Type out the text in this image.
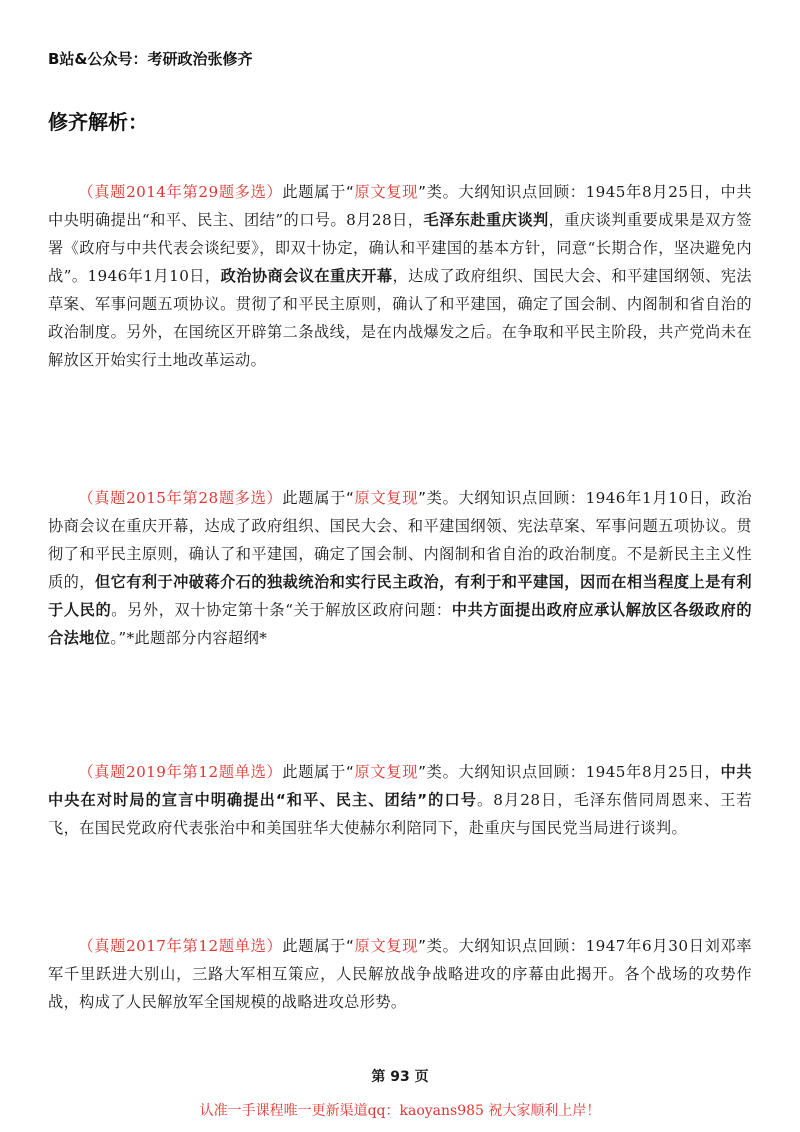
B站&公众号：考研政治张修齐
修齐解析：

（真题2014年第29题多选）此题属于“原文复现”类。大纲知识点回顾：1945年8月25日，中共中央明确提出“和平、民主、团结”的口号。8月28日，毛泽东赴重庆谈判，重庆谈判重要成果是双方签署《政府与中共代表会谈纪要》，即双十协定，确认和平建国的基本方针，同意“长期合作，坚决避免内战”。1946年1月10日，政治协商会议在重庆开幕，达成了政府组织、国民大会、和平建国纲领、宪法草案、军事问题五项协议。贯彻了和平民主原则，确认了和平建国，确定了国会制、内阁制和省自治的政治制度。另外，在国统区开辟第二条战线，是在内战爆发之后。在争取和平民主阶段，共产党尚未在解放区开始实行土地改革运动。

（真题2015年第28题多选）此题属于“原文复现”类。大纲知识点回顾：1946年1月10日，政治协商会议在重庆开幕，达成了政府组织、国民大会、和平建国纲领、宪法草案、军事问题五项协议。贯彻了和平民主原则，确认了和平建国，确定了国会制、内阁制和省自治的政治制度。不是新民主主义性质的，但它有利于冲破蒋介石的独裁统治和实行民主政治，有利于和平建国，因而在相当程度上是有利于人民的。另外，双十协定第十条“关于解放区政府问题：中共方面提出政府应承认解放区各级政府的合法地位。”*此题部分内容超纲*

（真题2019年第12题单选）此题属于“原文复现”类。大纲知识点回顾：1945年8月25日，中共中央在对时局的宣言中明确提出“和平、民主、团结”的口号。8月28日，毛泽东偕同周恩来、王若飞，在国民党政府代表张治中和美国驻华大使赫尔利陪同下，赴重庆与国民党当局进行谈判。

（真题2017年第12题单选）此题属于“原文复现”类。大纲知识点回顾：1947年6月30日刘邓率军千里跃进大别山，三路大军相互策应，人民解放战争战略进攻的序幕由此揭开。各个战场的攻势作战，构成了人民解放军全国规模的战略进攻总形势。

第 93 页
认准一手课程唯一更新渠道qq：kaoyans985 祝大家顺利上岸！
